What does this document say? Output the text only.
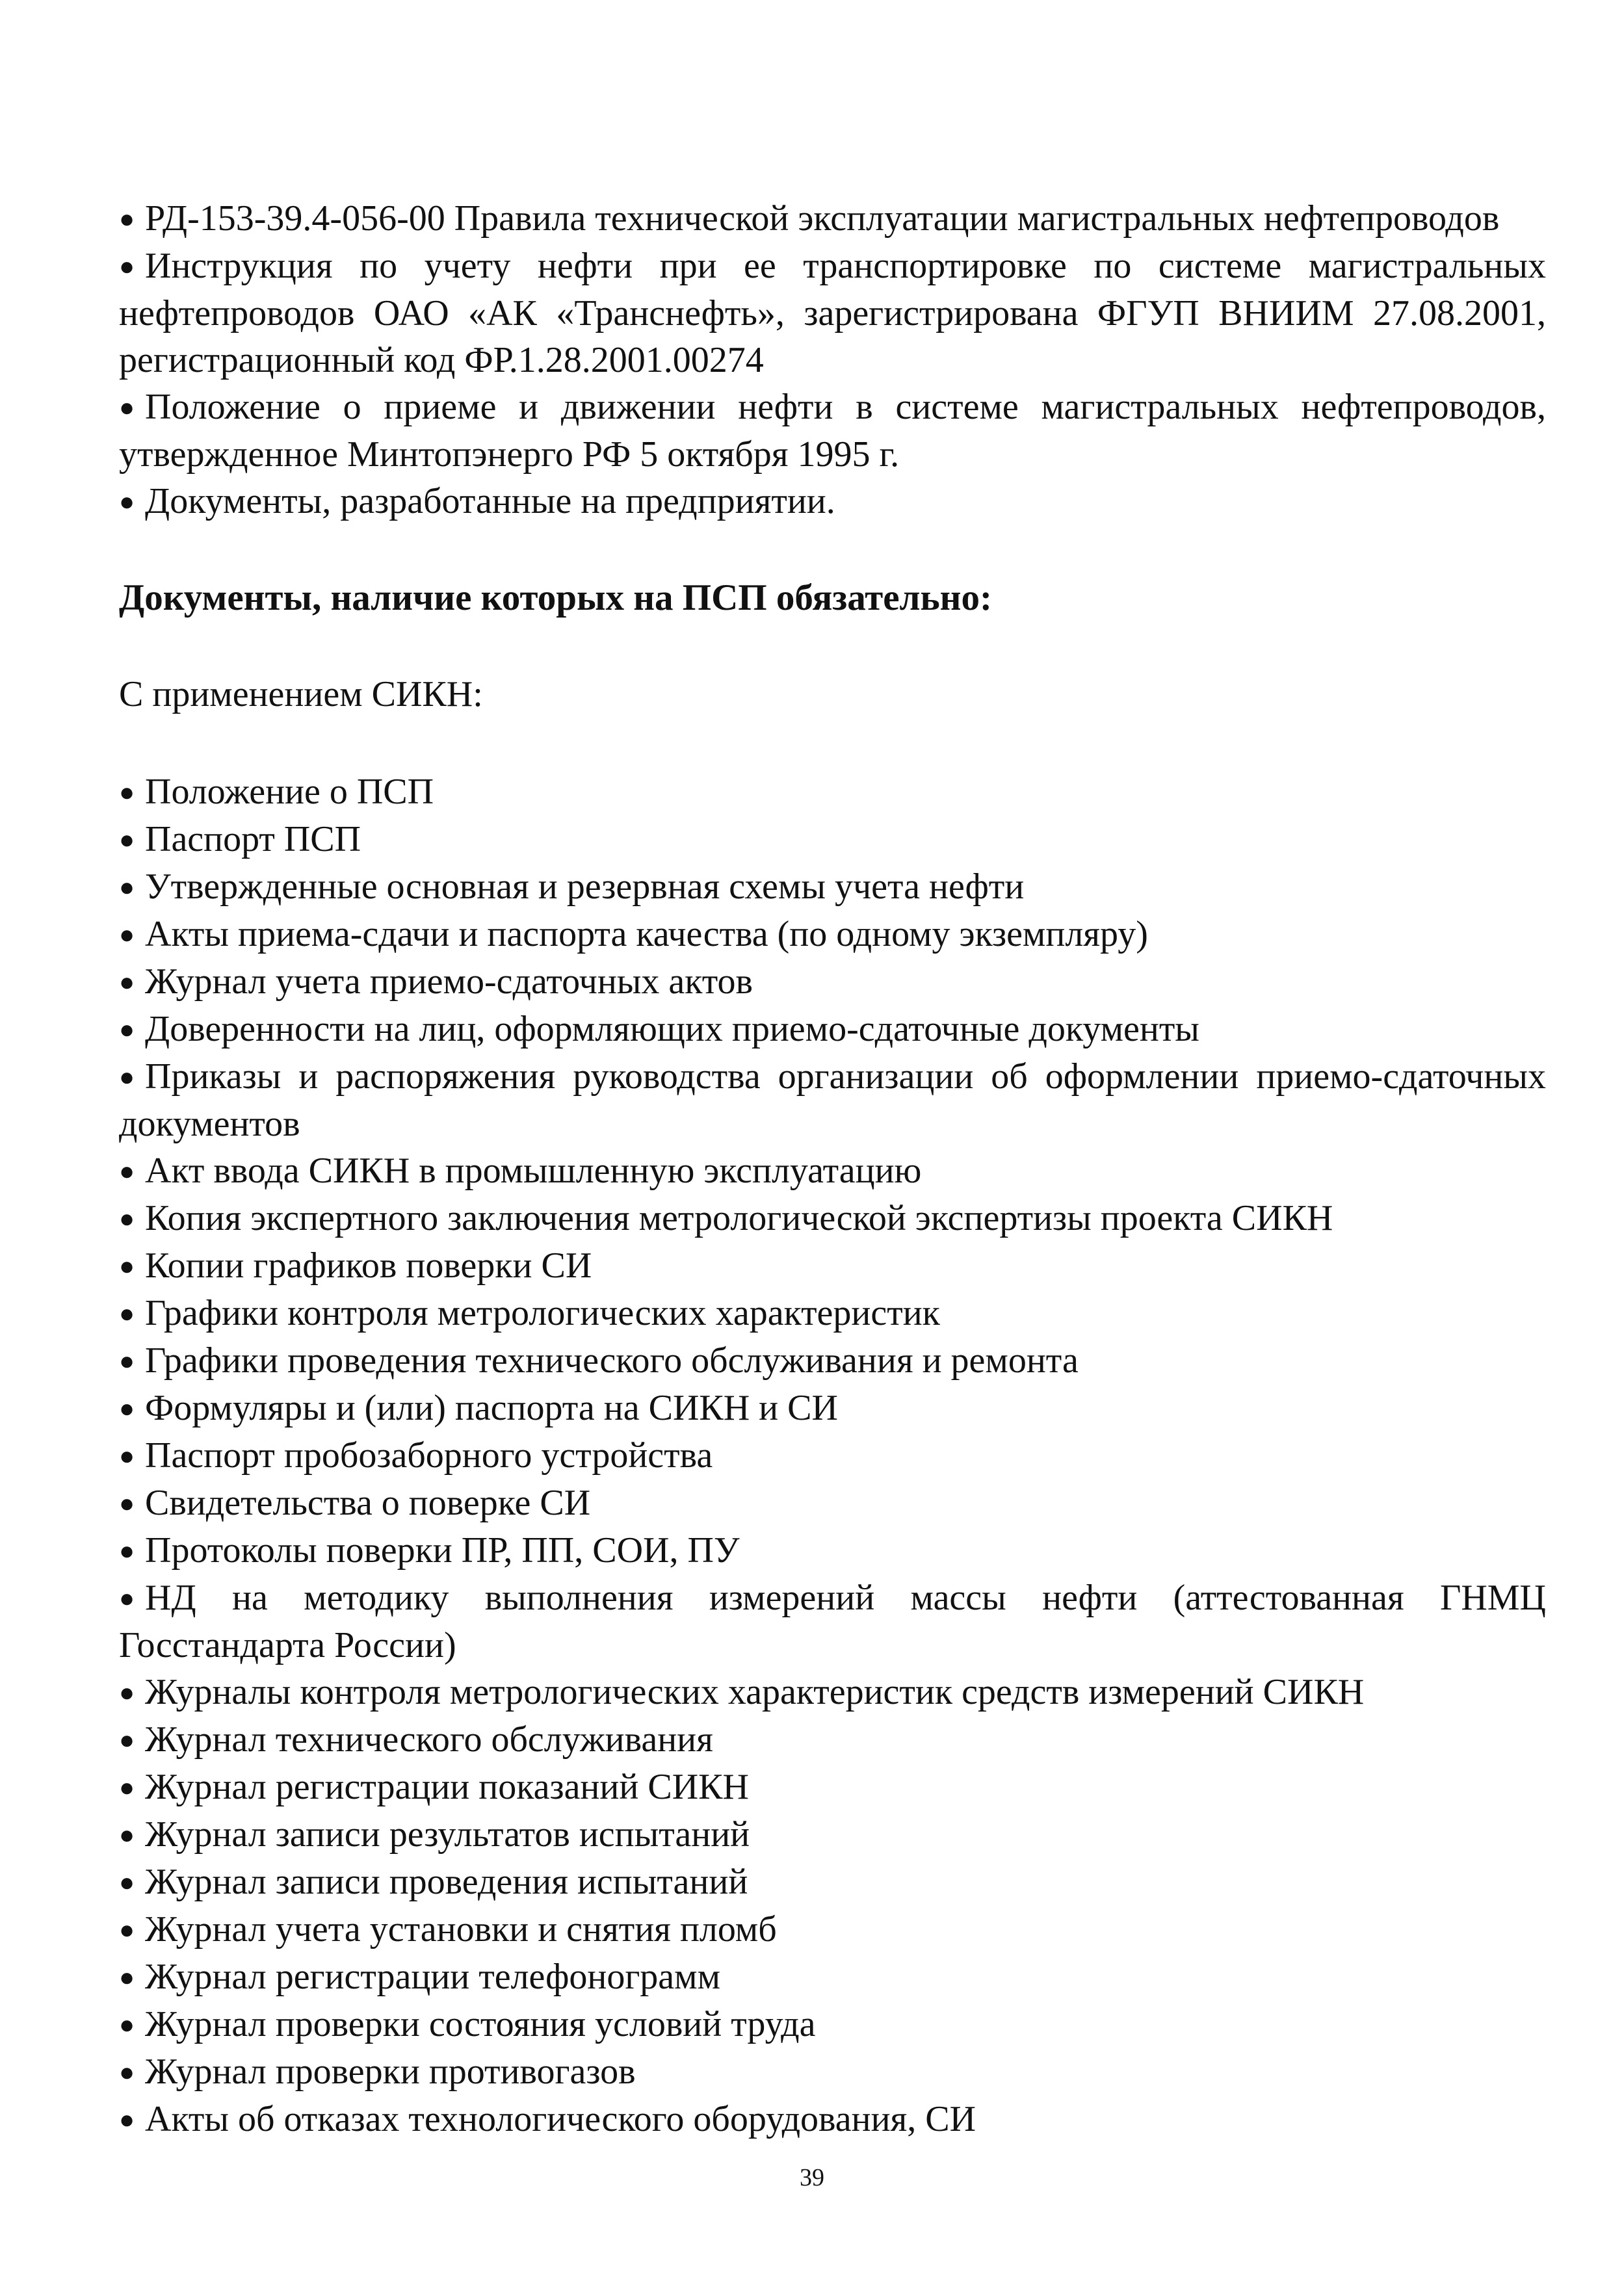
● РД-153-39.4-056-00 Правила технической эксплуатации магистральных нефтепроводов
● Инструкция по учету нефти при ее транспортировке по системе магистральных нефтепроводов ОАО «АК «Транснефть», зарегистрирована ФГУП ВНИИМ 27.08.2001, регистрационный код ФР.1.28.2001.00274
● Положение о приеме и движении нефти в системе магистральных нефтепроводов, утвержденное Минтопэнерго РФ 5 октября 1995 г.
● Документы, разработанные на предприятии.
Документы, наличие которых на ПСП обязательно:
С применением СИКН:
● Положение о ПСП
● Паспорт ПСП
● Утвержденные основная и резервная схемы учета нефти
● Акты приема-сдачи и паспорта качества (по одному экземпляру)
● Журнал учета приемо-сдаточных актов
● Доверенности на лиц, оформляющих приемо-сдаточные документы
● Приказы и распоряжения руководства организации об оформлении приемо-сдаточных документов
● Акт ввода СИКН в промышленную эксплуатацию
● Копия экспертного заключения метрологической экспертизы проекта СИКН
● Копии графиков поверки СИ
● Графики контроля метрологических характеристик
● Графики проведения технического обслуживания и ремонта
● Формуляры и (или) паспорта на СИКН и СИ
● Паспорт пробозаборного устройства
● Свидетельства о поверке СИ
● Протоколы поверки ПР, ПП, СОИ, ПУ
● НД на методику выполнения измерений массы нефти (аттестованная ГНМЦ Госстандарта России)
● Журналы контроля метрологических характеристик средств измерений СИКН
● Журнал технического обслуживания
● Журнал регистрации показаний СИКН
● Журнал записи результатов испытаний
● Журнал записи проведения испытаний
● Журнал учета установки и снятия пломб
● Журнал регистрации телефонограмм
● Журнал проверки состояния условий труда
● Журнал проверки противогазов
● Акты об отказах технологического оборудования, СИ
39
